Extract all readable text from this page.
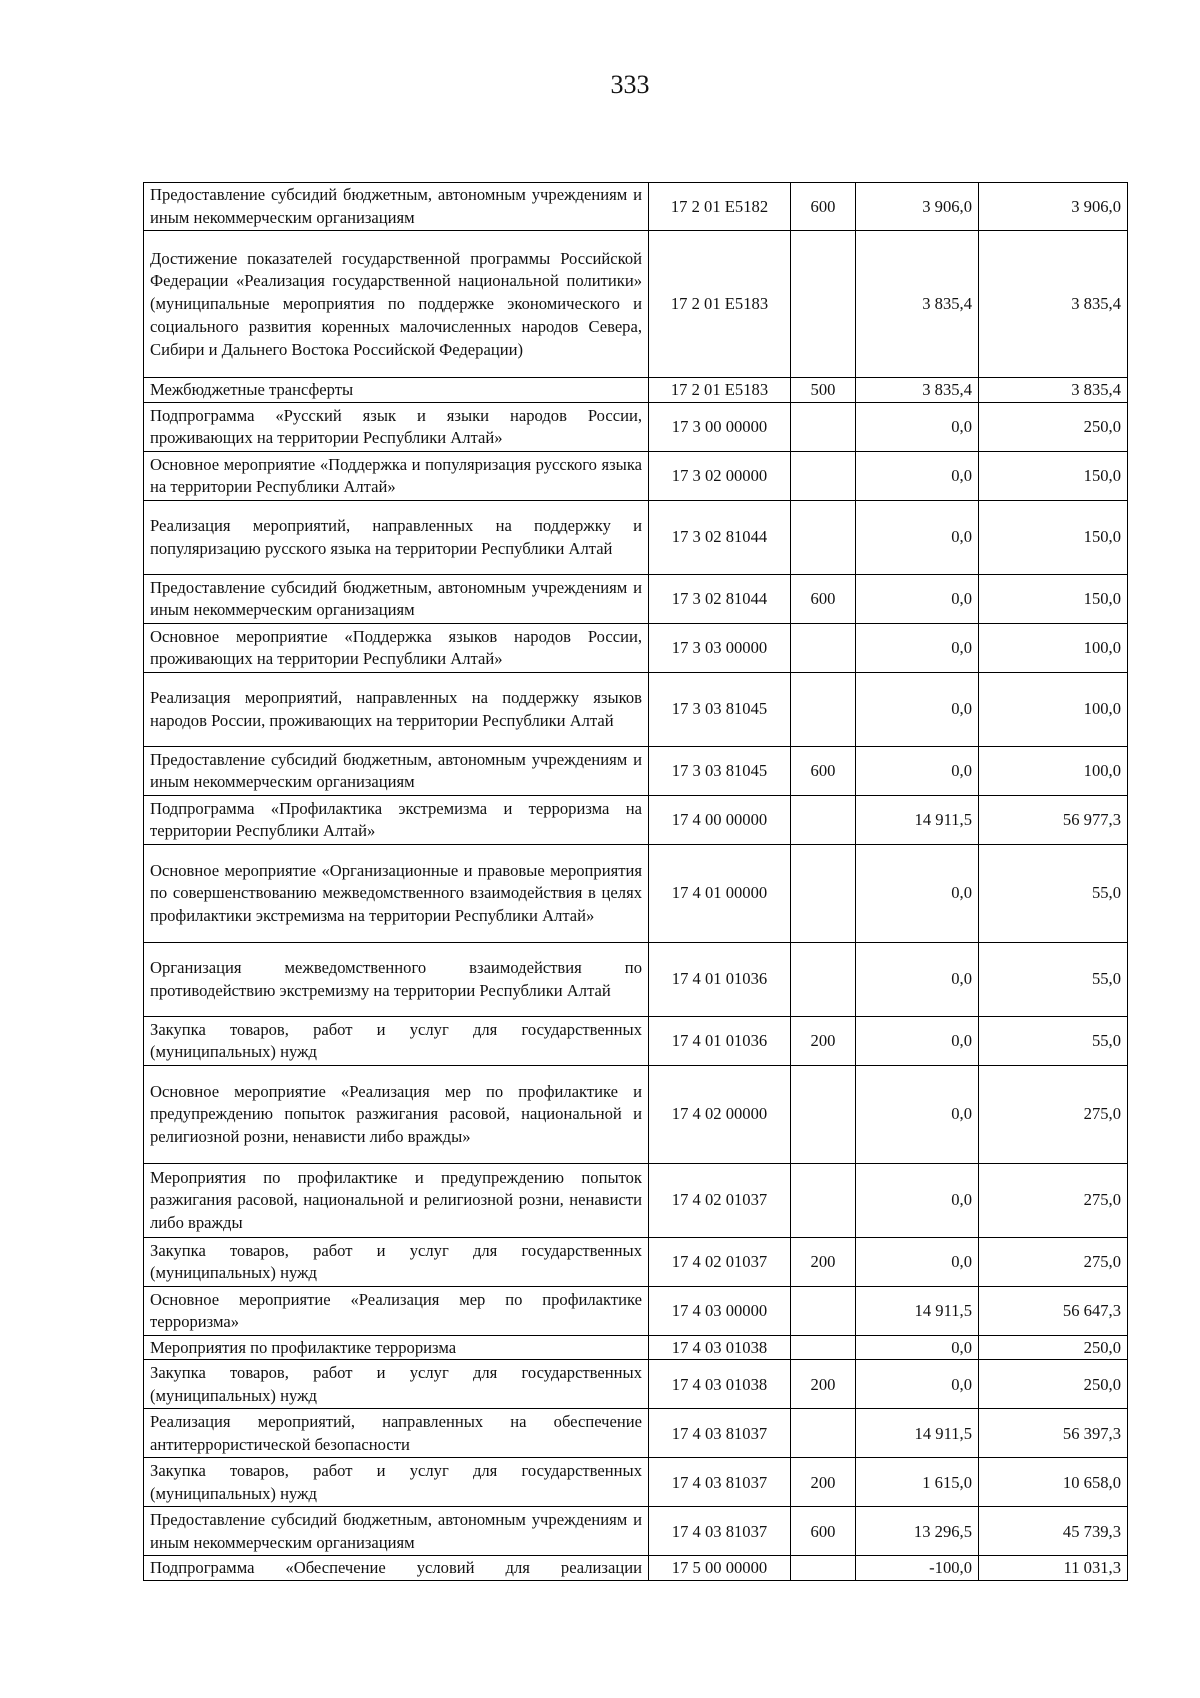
333
Предоставление субсидий бюджетным, автономным учреждениям и иным некоммерческим организациям	17 2 01 E5182	600	3 906,0	3 906,0
Достижение показателей государственной программы Российской Федерации «Реализация государственной национальной политики» (муниципальные мероприятия по поддержке экономического и социального развития коренных малочисленных народов Севера, Сибири и Дальнего Востока Российской Федерации)	17 2 01 E5183		3 835,4	3 835,4
Межбюджетные трансферты	17 2 01 E5183	500	3 835,4	3 835,4
Подпрограмма «Русский язык и языки народов России, проживающих на территории Республики Алтай»	17 3 00 00000		0,0	250,0
Основное мероприятие «Поддержка и популяризация русского языка на территории Республики Алтай»	17 3 02 00000		0,0	150,0
Реализация мероприятий, направленных на поддержку и популяризацию русского языка на территории Республики Алтай	17 3 02 81044		0,0	150,0
Предоставление субсидий бюджетным, автономным учреждениям и иным некоммерческим организациям	17 3 02 81044	600	0,0	150,0
Основное мероприятие «Поддержка языков народов России, проживающих на территории Республики Алтай»	17 3 03 00000		0,0	100,0
Реализация мероприятий, направленных на поддержку языков народов России, проживающих на территории Республики Алтай	17 3 03 81045		0,0	100,0
Предоставление субсидий бюджетным, автономным учреждениям и иным некоммерческим организациям	17 3 03 81045	600	0,0	100,0
Подпрограмма «Профилактика экстремизма и терроризма на территории Республики Алтай»	17 4 00 00000		14 911,5	56 977,3
Основное мероприятие «Организационные и правовые мероприятия по совершенствованию межведомственного взаимодействия в целях профилактики экстремизма на территории Республики Алтай»	17 4 01 00000		0,0	55,0
Организация межведомственного взаимодействия по противодействию экстремизму на территории Республики Алтай	17 4 01 01036		0,0	55,0
Закупка товаров, работ и услуг для государственных (муниципальных) нужд	17 4 01 01036	200	0,0	55,0
Основное мероприятие «Реализация мер по профилактике и предупреждению попыток разжигания расовой, национальной и религиозной розни, ненависти либо вражды»	17 4 02 00000		0,0	275,0
Мероприятия по профилактике и предупреждению попыток разжигания расовой, национальной и религиозной розни, ненависти либо вражды	17 4 02 01037		0,0	275,0
Закупка товаров, работ и услуг для государственных (муниципальных) нужд	17 4 02 01037	200	0,0	275,0
Основное мероприятие «Реализация мер по профилактике терроризма»	17 4 03 00000		14 911,5	56 647,3
Мероприятия по профилактике терроризма	17 4 03 01038		0,0	250,0
Закупка товаров, работ и услуг для государственных (муниципальных) нужд	17 4 03 01038	200	0,0	250,0
Реализация мероприятий, направленных на обеспечение антитеррористической безопасности	17 4 03 81037		14 911,5	56 397,3
Закупка товаров, работ и услуг для государственных (муниципальных) нужд	17 4 03 81037	200	1 615,0	10 658,0
Предоставление субсидий бюджетным, автономным учреждениям и иным некоммерческим организациям	17 4 03 81037	600	13 296,5	45 739,3
Подпрограмма «Обеспечение условий для реализации	17 5 00 00000		-100,0	11 031,3
